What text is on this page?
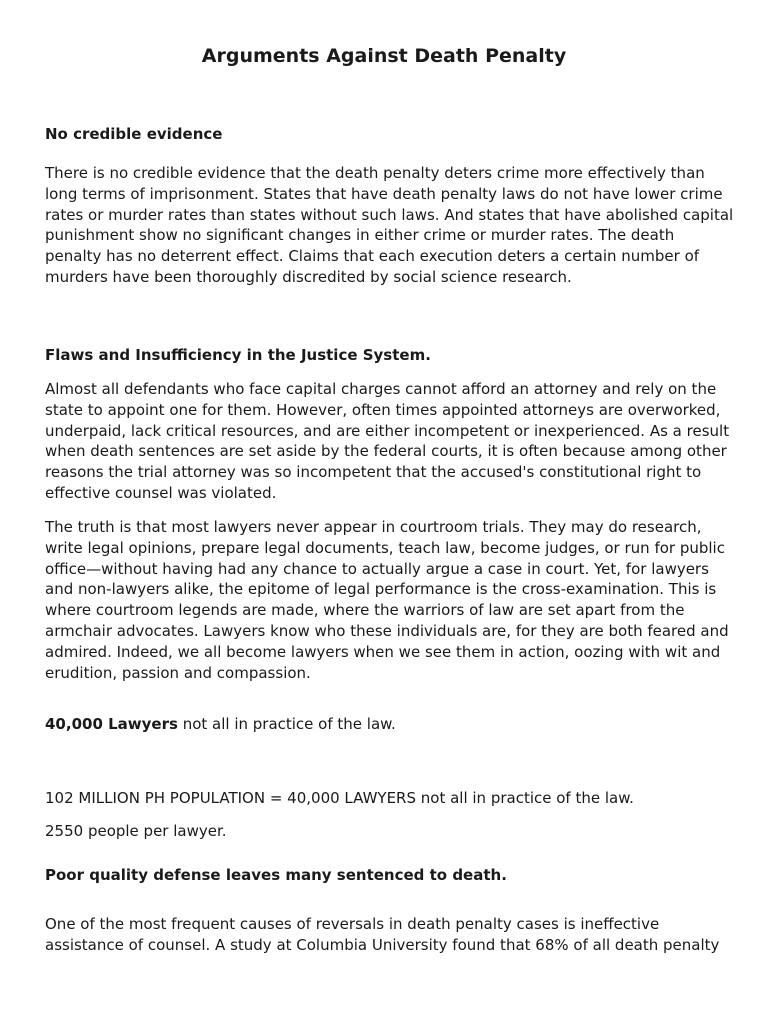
Arguments Against Death Penalty
No credible evidence

There is no credible evidence that the death penalty deters crime more effectively than long terms of imprisonment. States that have death penalty laws do not have lower crime rates or murder rates than states without such laws. And states that have abolished capital punishment show no significant changes in either crime or murder rates. The death penalty has no deterrent effect. Claims that each execution deters a certain number of murders have been thoroughly discredited by social science research.

Flaws and Insufficiency in the Justice System.

Almost all defendants who face capital charges cannot afford an attorney and rely on the state to appoint one for them. However, often times appointed attorneys are overworked, underpaid, lack critical resources, and are either incompetent or inexperienced. As a result when death sentences are set aside by the federal courts, it is often because among other reasons the trial attorney was so incompetent that the accused's constitutional right to effective counsel was violated.

The truth is that most lawyers never appear in courtroom trials. They may do research, write legal opinions, prepare legal documents, teach law, become judges, or run for public office—without having had any chance to actually argue a case in court. Yet, for lawyers and non-lawyers alike, the epitome of legal performance is the cross-examination. This is where courtroom legends are made, where the warriors of law are set apart from the armchair advocates. Lawyers know who these individuals are, for they are both feared and admired. Indeed, we all become lawyers when we see them in action, oozing with wit and erudition, passion and compassion.

40,000 Lawyers not all in practice of the law.

102 MILLION PH POPULATION = 40,000 LAWYERS not all in practice of the law.

2550 people per lawyer.

Poor quality defense leaves many sentenced to death.

One of the most frequent causes of reversals in death penalty cases is ineffective assistance of counsel. A study at Columbia University found that 68% of all death penalty
